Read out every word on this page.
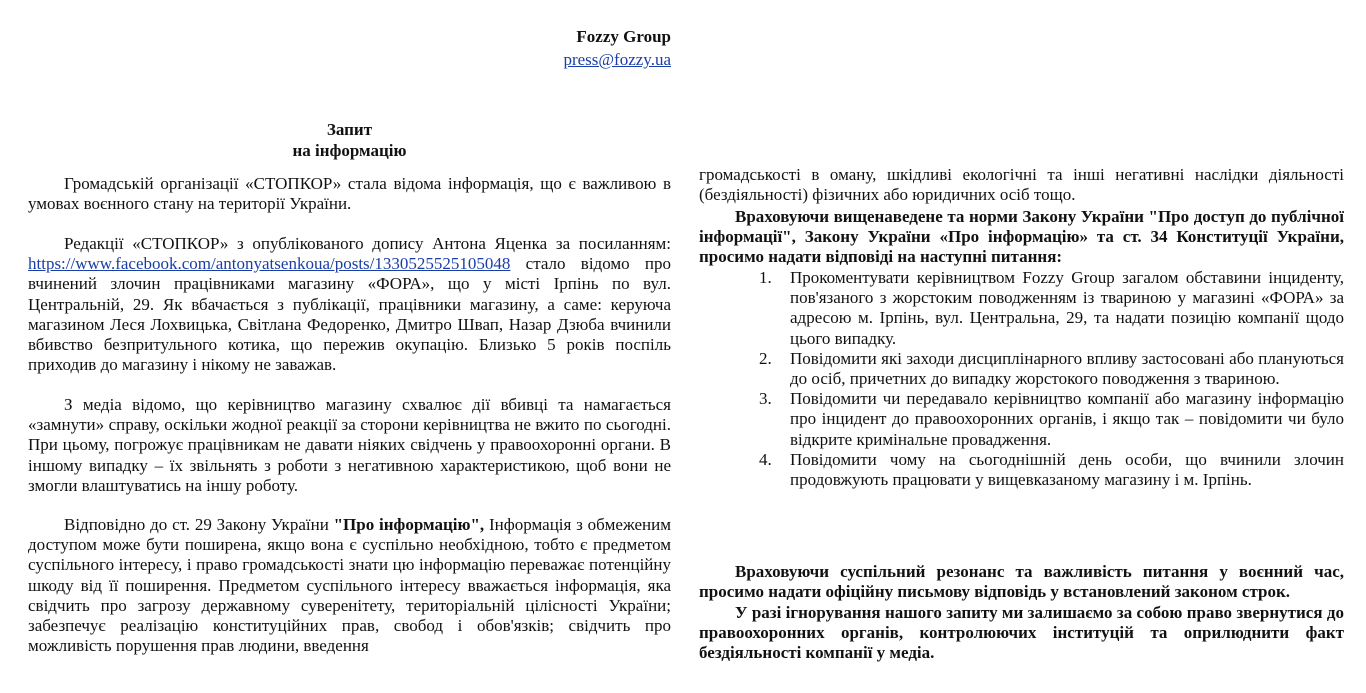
Fozzy Group
press@fozzy.ua
Запит
на інформацію

Громадській організації «СТОПКОР» стала відома інформація, що є важливою в умовах воєнного стану на території України.

Редакції «СТОПКОР» з опублікованого допису Антона Яценка за посиланням: https://www.facebook.com/antonyatsenkoua/posts/1330525525105048 стало відомо про вчинений злочин працівниками магазину «ФОРА», що у місті Ірпінь по вул. Центральній, 29. Як вбачається з публікації, працівники магазину, а саме: керуюча магазином Леся Лохвицька, Світлана Федоренко, Дмитро Швап, Назар Дзюба вчинили вбивство безпритульного котика, що пережив окупацію. Близько 5 років поспіль приходив до магазину і нікому не заважав.

З медіа відомо, що керівництво магазину схвалює дії вбивці та намагається «замнути» справу, оскільки жодної реакції за сторони керівництва не вжито по сьогодні. При цьому, погрожує працівникам не давати ніяких свідчень у правоохоронні органи. В іншому випадку – їх звільнять з роботи з негативною характеристикою, щоб вони не змогли влаштуватись на іншу роботу.

Відповідно до ст. 29 Закону України "Про інформацію", Інформація з обмеженим доступом може бути поширена, якщо вона є суспільно необхідною, тобто є предметом суспільного інтересу, і право громадськості знати цю інформацію переважає потенційну шкоду від її поширення. Предметом суспільного інтересу вважається інформація, яка свідчить про загрозу державному суверенітету, територіальній цілісності України; забезпечує реалізацію конституційних прав, свобод і обов'язків; свідчить про можливість порушення прав людини, введення

громадськості в оману, шкідливі екологічні та інші негативні наслідки діяльності (бездіяльності) фізичних або юридичних осіб тощо.

Враховуючи вищенаведене та норми Закону України "Про доступ до публічної інформації", Закону України «Про інформацію» та ст. 34 Конституції України, просимо надати відповіді на наступні питання:

1. Прокоментувати керівництвом Fozzy Group загалом обставини інциденту, пов'язаного з жорстоким поводженням із твариною у магазині «ФОРА» за адресою м. Ірпінь, вул. Центральна, 29, та надати позицію компанії щодо цього випадку.
2. Повідомити які заходи дисциплінарного впливу застосовані або плануються до осіб, причетних до випадку жорстокого поводження з твариною.
3. Повідомити чи передавало керівництво компанії або магазину інформацію про інцидент до правоохоронних органів, і якщо так – повідомити чи було відкрите кримінальне провадження.
4. Повідомити чому на сьогоднішній день особи, що вчинили злочин продовжують працювати у вищевказаному магазину і м. Ірпінь.

Враховуючи суспільний резонанс та важливість питання у воєнний час, просимо надати офіційну письмову відповідь у встановлений законом строк.

У разі ігнорування нашого запиту ми залишаємо за собою право звернутися до правоохоронних органів, контролюючих інституцій та оприлюднити факт бездіяльності компанії у медіа.
